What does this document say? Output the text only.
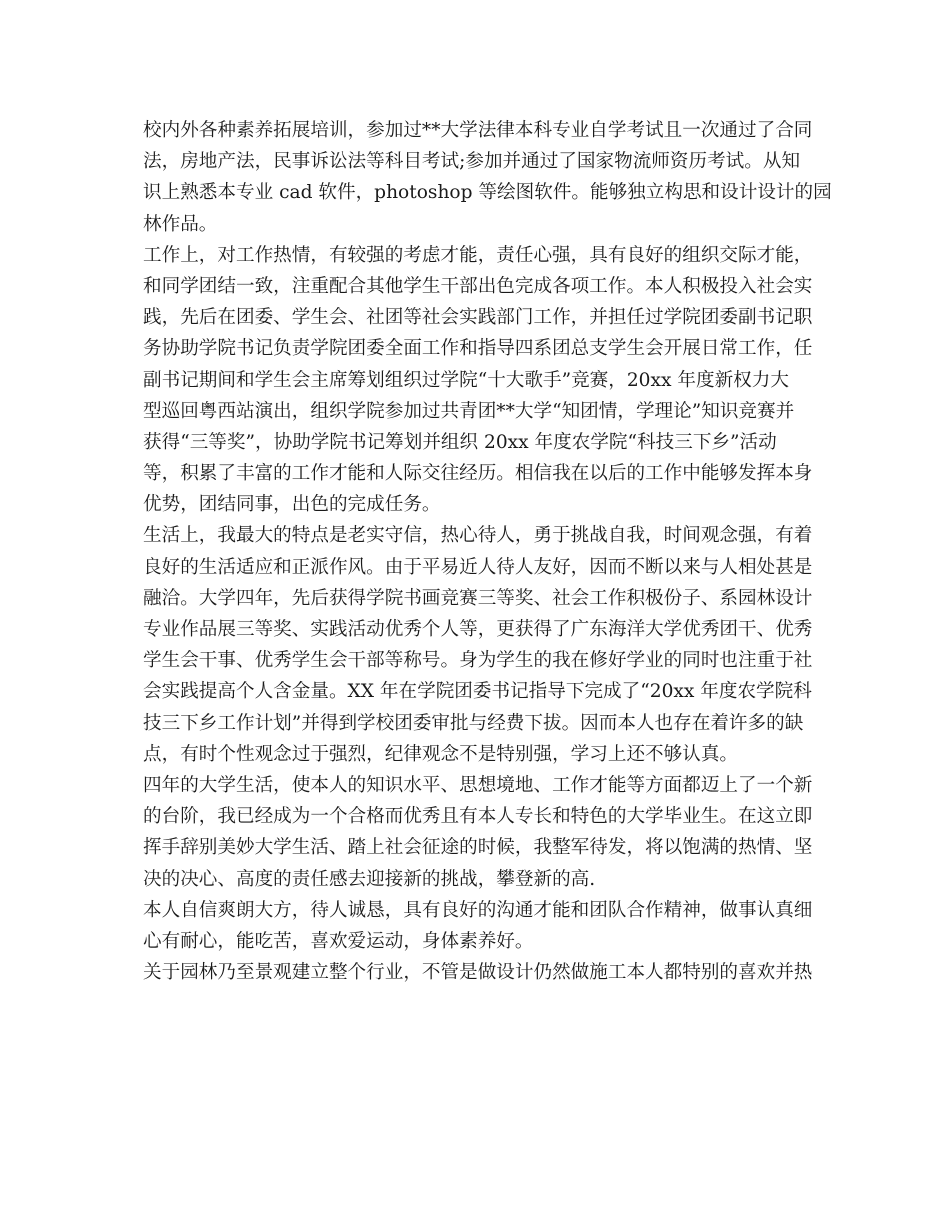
校内外各种素养拓展培训，参加过**大学法律本科专业自学考试且一次通过了合同
法，房地产法，民事诉讼法等科目考试;参加并通过了国家物流师资历考试。从知
识上熟悉本专业 cad 软件，photoshop 等绘图软件。能够独立构思和设计设计的园
林作品。
工作上，对工作热情，有较强的考虑才能，责任心强，具有良好的组织交际才能，
和同学团结一致，注重配合其他学生干部出色完成各项工作。本人积极投入社会实
践，先后在团委、学生会、社团等社会实践部门工作，并担任过学院团委副书记职
务协助学院书记负责学院团委全面工作和指导四系团总支学生会开展日常工作，任
副书记期间和学生会主席筹划组织过学院“十大歌手”竞赛，20xx 年度新权力大
型巡回粤西站演出，组织学院参加过共青团**大学“知团情，学理论”知识竞赛并
获得“三等奖”，协助学院书记筹划并组织 20xx 年度农学院“科技三下乡”活动
等，积累了丰富的工作才能和人际交往经历。相信我在以后的工作中能够发挥本身
优势，团结同事，出色的完成任务。
生活上，我最大的特点是老实守信，热心待人，勇于挑战自我，时间观念强，有着
良好的生活适应和正派作风。由于平易近人待人友好，因而不断以来与人相处甚是
融洽。大学四年，先后获得学院书画竞赛三等奖、社会工作积极份子、系园林设计
专业作品展三等奖、实践活动优秀个人等，更获得了广东海洋大学优秀团干、优秀
学生会干事、优秀学生会干部等称号。身为学生的我在修好学业的同时也注重于社
会实践提高个人含金量。XX 年在学院团委书记指导下完成了“20xx 年度农学院科
技三下乡工作计划”并得到学校团委审批与经费下拔。因而本人也存在着许多的缺
点，有时个性观念过于强烈，纪律观念不是特别强，学习上还不够认真。
四年的大学生活，使本人的知识水平、思想境地、工作才能等方面都迈上了一个新
的台阶，我已经成为一个合格而优秀且有本人专长和特色的大学毕业生。在这立即
挥手辞别美妙大学生活、踏上社会征途的时候，我整军待发，将以饱满的热情、坚
决的决心、高度的责任感去迎接新的挑战，攀登新的高.
本人自信爽朗大方，待人诚恳，具有良好的沟通才能和团队合作精神，做事认真细
心有耐心，能吃苦，喜欢爱运动，身体素养好。
关于园林乃至景观建立整个行业，不管是做设计仍然做施工本人都特别的喜欢并热
